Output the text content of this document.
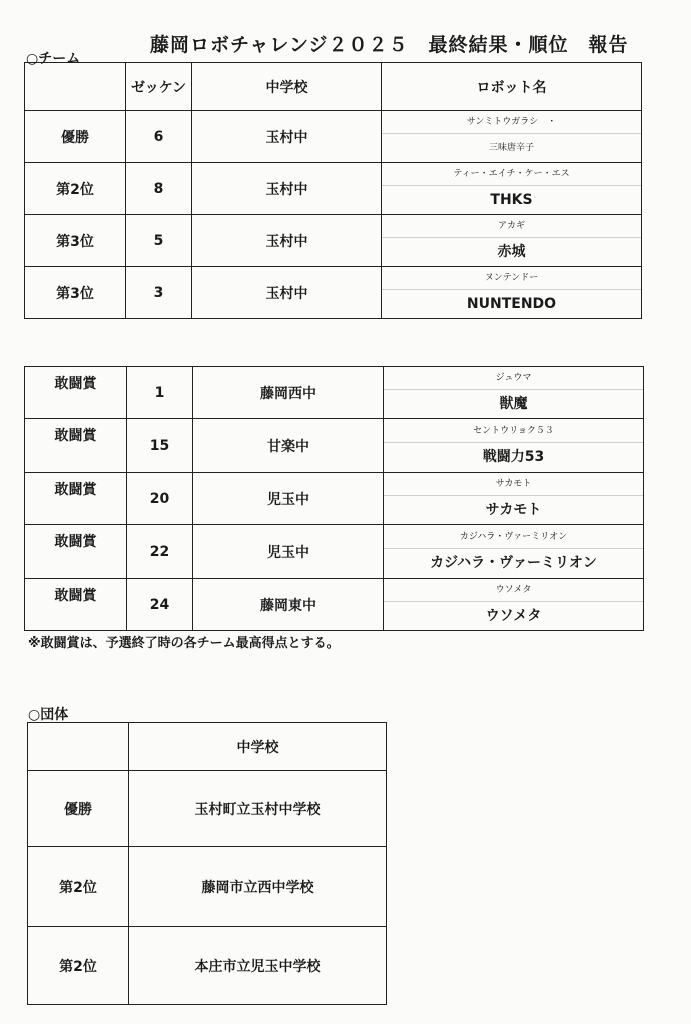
藤岡ロボチャレンジ２０２５　最終結果・順位　報告
○チーム
	ゼッケン	中学校	ロボット名
優勝	6	玉村中	サンミトウガラシ　・
三味唐辛子

第2位	8	玉村中	ティー・エイチ・ケー・エス
THKS

第3位	5	玉村中	アカギ
赤城

第3位	3	玉村中	ヌンテンドー
NUNTENDO
敢闘賞	1	藤岡西中	ジュウマ
獣魔

敢闘賞	15	甘楽中	セントウリョク５３
戦闘力53

敢闘賞	20	児玉中	サカモト
サカモト

敢闘賞	22	児玉中	カジハラ・ヴァーミリオン
カジハラ・ヴァーミリオン

敢闘賞	24	藤岡東中	ウソメタ
ウソメタ
※敢闘賞は、予選終了時の各チーム最高得点とする。
○団体
	中学校
優勝	玉村町立玉村中学校
第2位	藤岡市立西中学校
第2位	本庄市立児玉中学校
